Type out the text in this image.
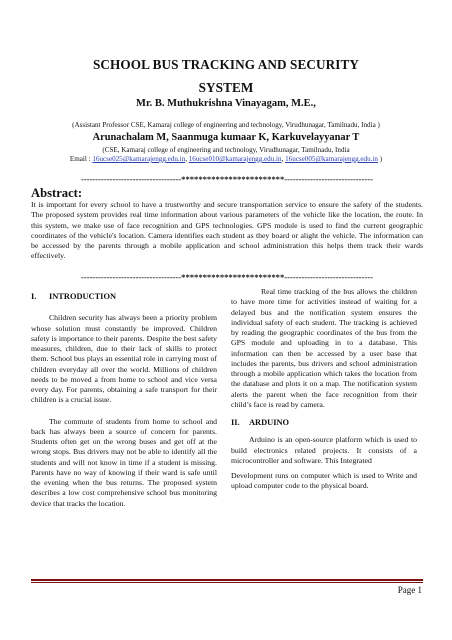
SCHOOL BUS TRACKING AND SECURITY
SYSTEM
Mr. B. Muthukrishna Vinayagam, M.E.,
(Assistant Professor CSE, Kamaraj college of engineering and technology, Virudhunagar, Tamilnadu, India )
Arunachalam M, Saanmuga kumaar K, Karkuvelayyanar T
(CSE, Kamaraj college of engineering and technology, Virudhunagar, Tamilnadu, India
Email : 16ucse025@kamarajengg.edu.in, 16ucse010@kamarajengg.edu.in, 16ucse005@kamarajengg.edu.in )
-----------------------------------************************-------------------------------
Abstract:
It is important for every school to have a trustworthy and secure transportation service to ensure the safety of the students. The proposed system provides real time information about various parameters of the vehicle like the location, the route. In this system, we make use of face recognition and GPS technologies. GPS module is used to find the current geographic coordinates of the vehicle's location. Camera identifies each student as they board or alight the vehicle. The information can be accessed by the parents through a mobile application and school administration this helps them track their wards effectively.
-----------------------------------************************-------------------------------

I. INTRODUCTION

Children security has always been a priority problem whose solution must constantly be improved. Children safety is importance to their parents. Despite the best safety measures, children, due to their lack of skills to protect them. School bus plays an essential role in carrying most of children everyday all over the world. Millions of children needs to be moved a from home to school and vice versa every day. For parents, obtaining a safe transport for their children is a crucial issue.

The commute of students from home to school and back has always been a source of concern for parents. Students often get on the wrong buses and get off at the wrong stops. Bus drivers may not be able to identify all the students and will not know in time if a student is missing. Parents have no way of knowing if their ward is safe until the evening when the bus returns. The proposed system describes a low cost comprehensive school bus monitoring device that tracks the location.

Real time tracking of the bus allows the children to have more time for activities instead of waiting for a delayed bus and the notification system ensures the individual safety of each student. The tracking is achieved by reading the geographic coordinates of the bus from the GPS module and uploading in to a database. This information can then be accessed by a user base that includes the parents, bus drivers and school administration through a mobile application which takes the location from the database and plots it on a map. The notification system alerts the parent when the face recognition from their child’s face is read by camera.

II. ARDUINO

Arduino is an open-source platform which is used to build electronics related projects. It consists of a microcontroller and software. This Integrated

Development runs on computer which is used to Write and upload computer code to the physical board.

Page 1
